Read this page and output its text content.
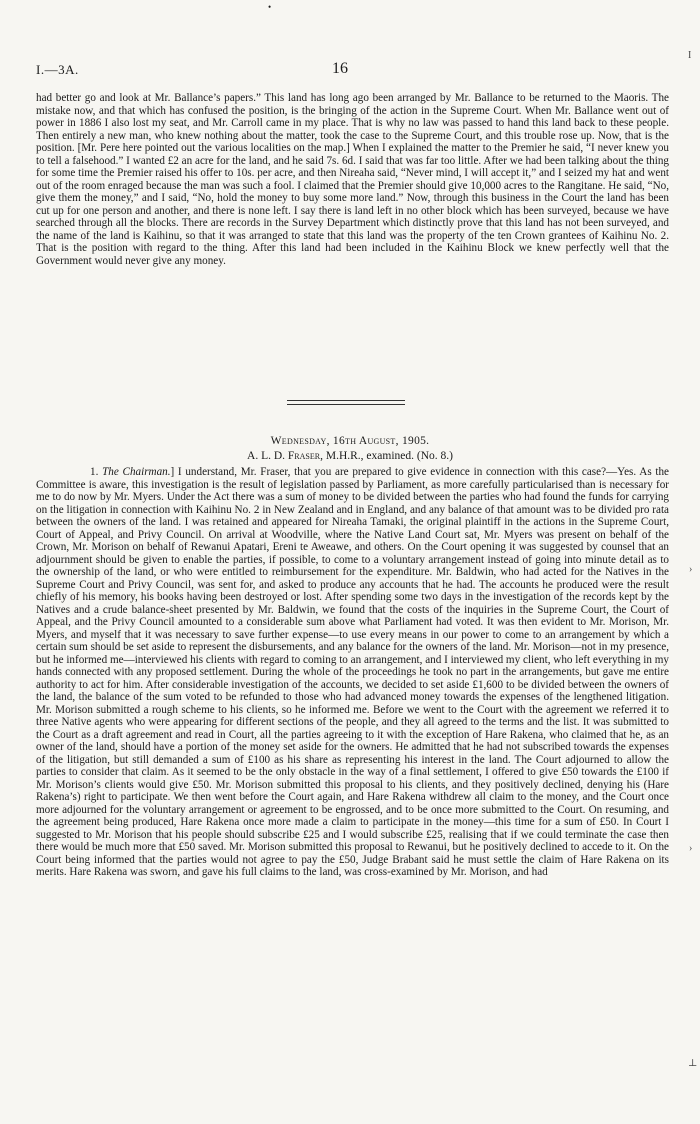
•
I.—3A.	16

had better go and look at Mr. Ballance’s papers.” This land has long ago been arranged by Mr. Ballance to be returned to the Maoris. The mistake now, and that which has confused the position, is the bringing of the action in the Supreme Court. When Mr. Ballance went out of power in 1886 I also lost my seat, and Mr. Carroll came in my place. That is why no law was passed to hand this land back to these people. Then entirely a new man, who knew nothing about the matter, took the case to the Supreme Court, and this trouble rose up. Now, that is the position. [Mr. Pere here pointed out the various localities on the map.] When I explained the matter to the Premier he said, “I never knew you to tell a falsehood.” I wanted £2 an acre for the land, and he said 7s. 6d. I said that was far too little. After we had been talking about the thing for some time the Premier raised his offer to 10s. per acre, and then Nireaha said, “Never mind, I will accept it,” and I seized my hat and went out of the room enraged because the man was such a fool. I claimed that the Premier should give 10,000 acres to the Rangitane. He said, “No, give them the money,” and I said, “No, hold the money to buy some more land.” Now, through this business in the Court the land has been cut up for one person and another, and there is none left. I say there is land left in no other block which has been surveyed, because we have searched through all the blocks. There are records in the Survey Department which distinctly prove that this land has not been surveyed, and the name of the land is Kaihinu, so that it was arranged to state that this land was the property of the ten Crown grantees of Kaihinu No. 2. That is the position with regard to the thing. After this land had been included in the Kaihinu Block we knew perfectly well that the Government would never give any money.

Wednesday, 16th August, 1905.
A. L. D. Fraser, M.H.R., examined. (No. 8.)

1. The Chairman.] I understand, Mr. Fraser, that you are prepared to give evidence in connection with this case?—Yes. As the Committee is aware, this investigation is the result of legislation passed by Parliament, as more carefully particularised than is necessary for me to do now by Mr. Myers. Under the Act there was a sum of money to be divided between the parties who had found the funds for carrying on the litigation in connection with Kaihinu No. 2 in New Zealand and in England, and any balance of that amount was to be divided pro rata between the owners of the land. I was retained and appeared for Nireaha Tamaki, the original plaintiff in the actions in the Supreme Court, Court of Appeal, and Privy Council. On arrival at Woodville, where the Native Land Court sat, Mr. Myers was present on behalf of the Crown, Mr. Morison on behalf of Rewanui Apatari, Ereni te Aweawe, and others. On the Court opening it was suggested by counsel that an adjournment should be given to enable the parties, if possible, to come to a voluntary arrangement instead of going into minute detail as to the ownership of the land, or who were entitled to reimbursement for the expenditure. Mr. Baldwin, who had acted for the Natives in the Supreme Court and Privy Council, was sent for, and asked to produce any accounts that he had. The accounts he produced were the result chiefly of his memory, his books having been destroyed or lost. After spending some two days in the investigation of the records kept by the Natives and a crude balance-sheet presented by Mr. Baldwin, we found that the costs of the inquiries in the Supreme Court, the Court of Appeal, and the Privy Council amounted to a considerable sum above what Parliament had voted. It was then evident to Mr. Morison, Mr. Myers, and myself that it was necessary to save further expense—to use every means in our power to come to an arrangement by which a certain sum should be set aside to represent the disbursements, and any balance for the owners of the land. Mr. Morison—not in my presence, but he informed me—interviewed his clients with regard to coming to an arrangement, and I interviewed my client, who left everything in my hands connected with any proposed settlement. During the whole of the proceedings he took no part in the arrangements, but gave me entire authority to act for him. After considerable investigation of the accounts, we decided to set aside £1,600 to be divided between the owners of the land, the balance of the sum voted to be refunded to those who had advanced money towards the expenses of the lengthened litigation. Mr. Morison submitted a rough scheme to his clients, so he informed me. Before we went to the Court with the agreement we referred it to three Native agents who were appearing for different sections of the people, and they all agreed to the terms and the list. It was submitted to the Court as a draft agreement and read in Court, all the parties agreeing to it with the exception of Hare Rakena, who claimed that he, as an owner of the land, should have a portion of the money set aside for the owners. He admitted that he had not subscribed towards the expenses of the litigation, but still demanded a sum of £100 as his share as representing his interest in the land. The Court adjourned to allow the parties to consider that claim. As it seemed to be the only obstacle in the way of a final settlement, I offered to give £50 towards the £100 if Mr. Morison’s clients would give £50. Mr. Morison submitted this proposal to his clients, and they positively declined, denying his (Hare Rakena’s) right to participate. We then went before the Court again, and Hare Rakena withdrew all claim to the money, and the Court once more adjourned for the voluntary arrangement or agreement to be engrossed, and to be once more submitted to the Court. On resuming, and the agreement being produced, Hare Rakena once more made a claim to participate in the money—this time for a sum of £50. In Court I suggested to Mr. Morison that his people should subscribe £25 and I would subscribe £25, realising that if we could terminate the case then there would be much more that £50 saved. Mr. Morison submitted this proposal to Rewanui, but he positively declined to accede to it. On the Court being informed that the parties would not agree to pay the £50, Judge Brabant said he must settle the claim of Hare Rakena on its merits. Hare Rakena was sworn, and gave his full claims to the land, was cross-examined by Mr. Morison, and had

I
›
›
⊥
